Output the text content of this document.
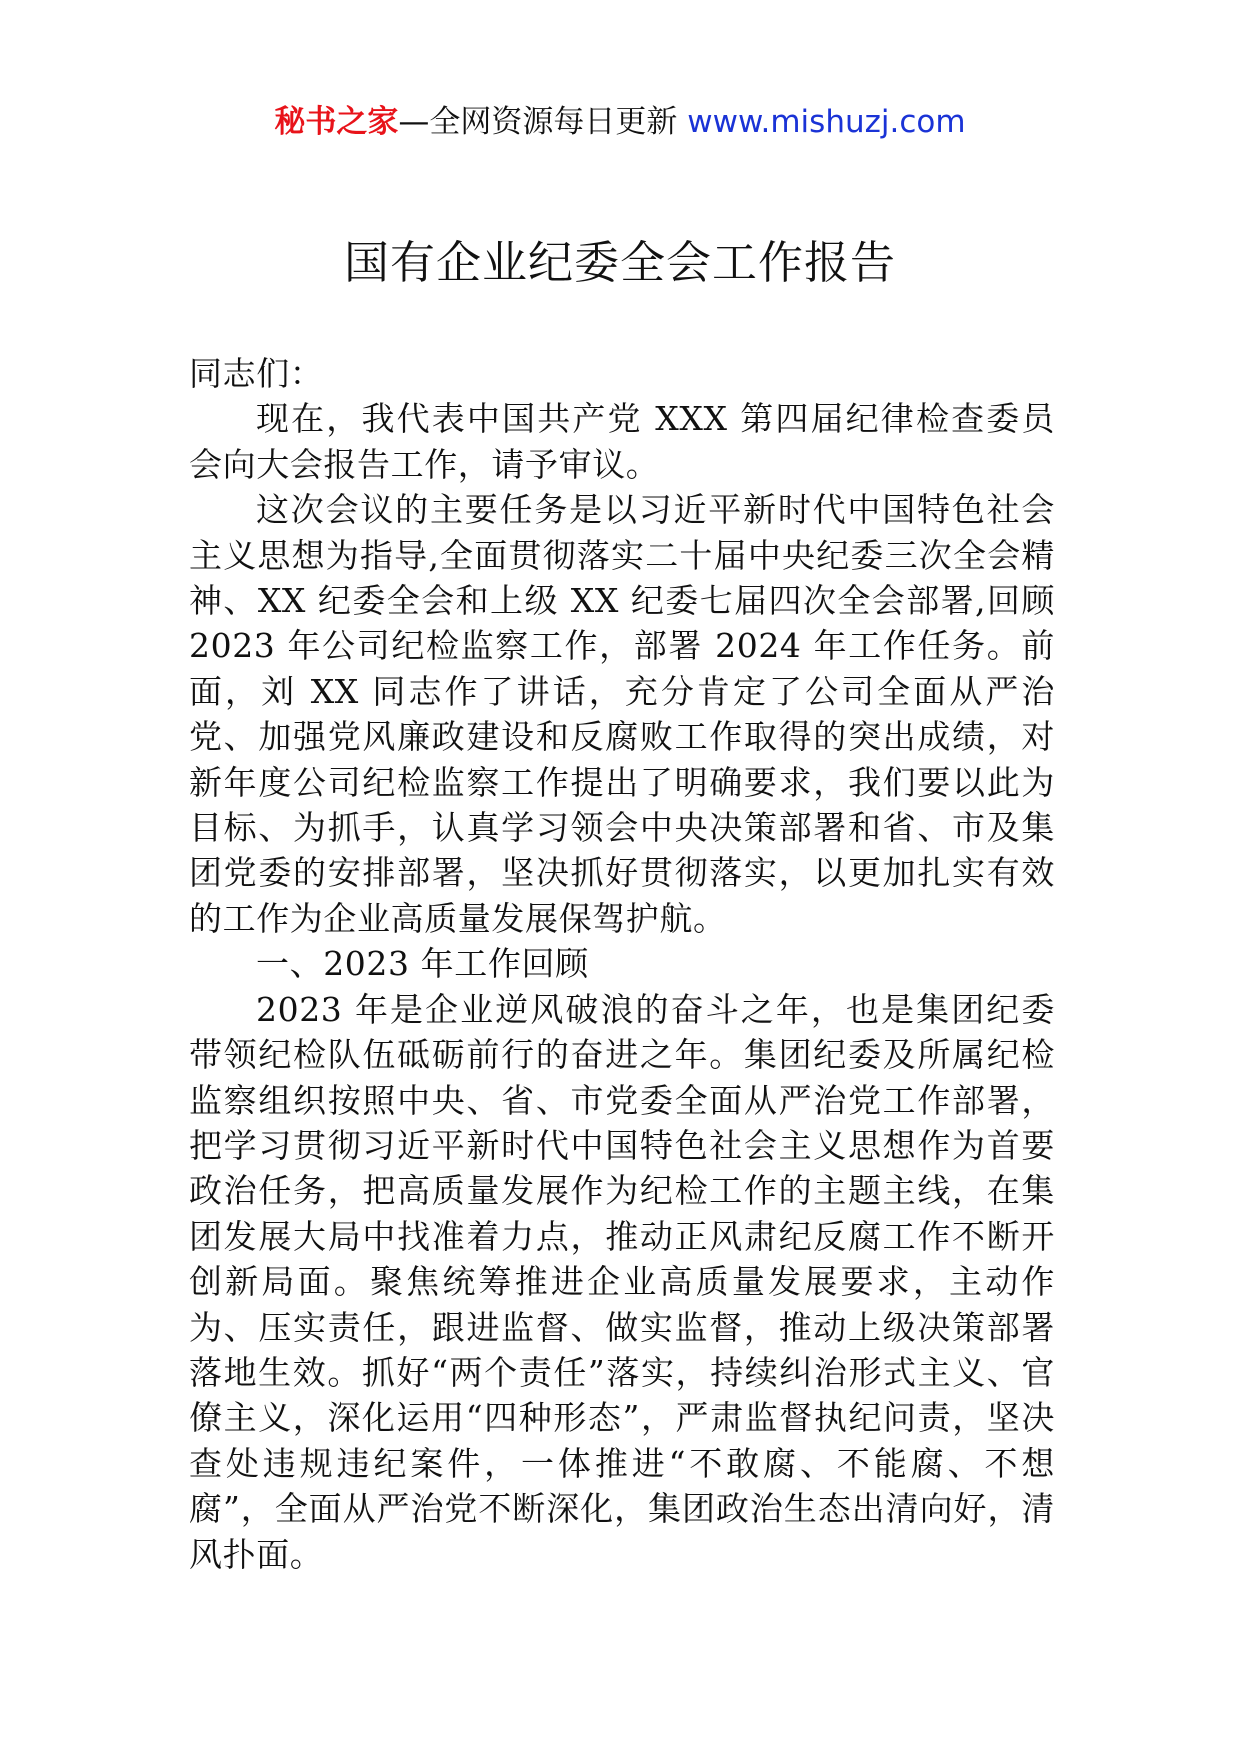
秘书之家—全网资源每日更新 www.mishuzj.com
国有企业纪委全会工作报告

同志们：

现在，我代表中国共产党 XXX 第四届纪律检查委员会向大会报告工作，请予审议。

这次会议的主要任务是以习近平新时代中国特色社会主义思想为指导,全面贯彻落实二十届中央纪委三次全会精神、XX 纪委全会和上级 XX 纪委七届四次全会部署,回顾 2023 年公司纪检监察工作，部署 2024 年工作任务。前面，刘 XX 同志作了讲话，充分肯定了公司全面从严治党、加强党风廉政建设和反腐败工作取得的突出成绩，对新年度公司纪检监察工作提出了明确要求，我们要以此为目标、为抓手，认真学习领会中央决策部署和省、市及集团党委的安排部署，坚决抓好贯彻落实，以更加扎实有效的工作为企业高质量发展保驾护航。

一、2023 年工作回顾

2023 年是企业逆风破浪的奋斗之年，也是集团纪委带领纪检队伍砥砺前行的奋进之年。集团纪委及所属纪检监察组织按照中央、省、市党委全面从严治党工作部署，把学习贯彻习近平新时代中国特色社会主义思想作为首要政治任务，把高质量发展作为纪检工作的主题主线，在集团发展大局中找准着力点，推动正风肃纪反腐工作不断开创新局面。聚焦统筹推进企业高质量发展要求，主动作为、压实责任，跟进监督、做实监督，推动上级决策部署落地生效。抓好“两个责任”落实，持续纠治形式主义、官僚主义，深化运用“四种形态”，严肃监督执纪问责，坚决查处违规违纪案件，一体推进“不敢腐、不能腐、不想腐”，全面从严治党不断深化，集团政治生态出清向好，清风扑面。
